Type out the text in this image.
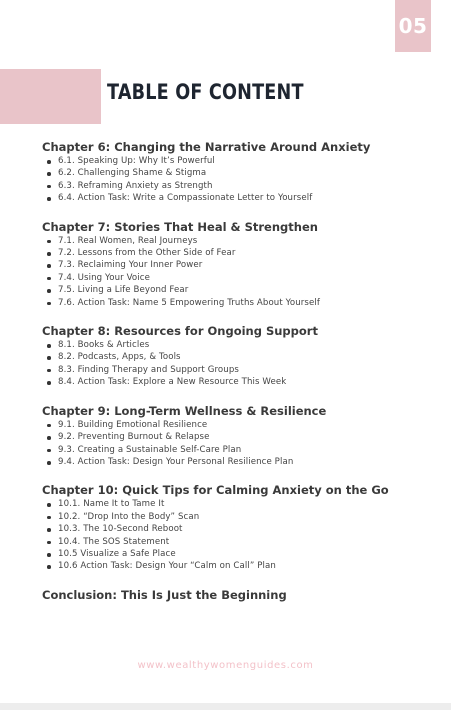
05
TABLE OF CONTENT
Chapter 6: Changing the Narrative Around Anxiety
6.1. Speaking Up: Why It’s Powerful
6.2. Challenging Shame & Stigma
6.3. Reframing Anxiety as Strength
6.4. Action Task: Write a Compassionate Letter to Yourself
Chapter 7: Stories That Heal & Strengthen
7.1. Real Women, Real Journeys
7.2. Lessons from the Other Side of Fear
7.3. Reclaiming Your Inner Power
7.4. Using Your Voice
7.5. Living a Life Beyond Fear
7.6. Action Task: Name 5 Empowering Truths About Yourself
Chapter 8: Resources for Ongoing Support
8.1. Books & Articles
8.2. Podcasts, Apps, & Tools
8.3. Finding Therapy and Support Groups
8.4. Action Task: Explore a New Resource This Week
Chapter 9: Long-Term Wellness & Resilience
9.1. Building Emotional Resilience
9.2. Preventing Burnout & Relapse
9.3. Creating a Sustainable Self-Care Plan
9.4. Action Task: Design Your Personal Resilience Plan
Chapter 10: Quick Tips for Calming Anxiety on the Go
10.1. Name It to Tame It
10.2. “Drop Into the Body” Scan
10.3. The 10-Second Reboot
10.4. The SOS Statement
10.5 Visualize a Safe Place
10.6 Action Task: Design Your “Calm on Call” Plan
Conclusion: This Is Just the Beginning
www.wealthywomenguides.com
